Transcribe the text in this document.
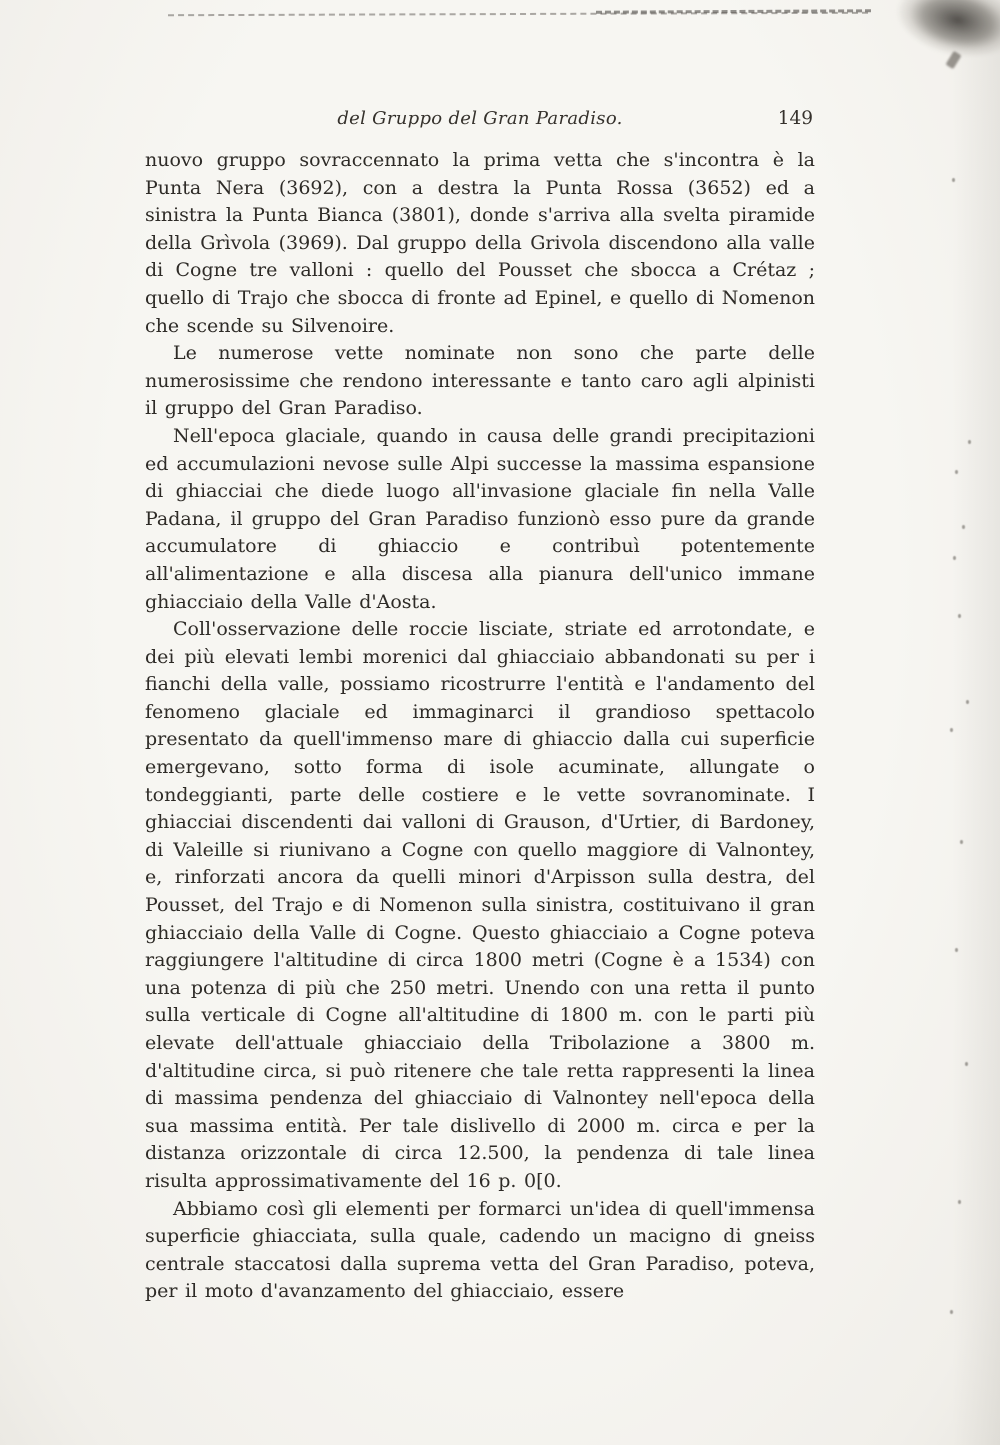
del Gruppo del Gran Paradiso.	149

nuovo gruppo sovraccennato la prima vetta che s'incontra è la Punta Nera (3692), con a destra la Punta Rossa (3652) ed a sinistra la Punta Bianca (3801), donde s'arriva alla svelta piramide della Grìvola (3969). Dal gruppo della Grivola discendono alla valle di Cogne tre valloni : quello del Pousset che sbocca a Crétaz ; quello di Trajo che sbocca di fronte ad Epinel, e quello di Nomenon che scende su Silvenoire.

Le numerose vette nominate non sono che parte delle numerosissime che rendono interessante e tanto caro agli alpinisti il gruppo del Gran Paradiso.

Nell'epoca glaciale, quando in causa delle grandi precipitazioni ed accumulazioni nevose sulle Alpi successe la massima espansione di ghiacciai che diede luogo all'invasione glaciale fin nella Valle Padana, il gruppo del Gran Paradiso funzionò esso pure da grande accumulatore di ghiaccio e contribuì potentemente all'alimentazione e alla discesa alla pianura dell'unico immane ghiacciaio della Valle d'Aosta.

Coll'osservazione delle roccie lisciate, striate ed arrotondate, e dei più elevati lembi morenici dal ghiacciaio abbandonati su per i fianchi della valle, possiamo ricostrurre l'entità e l'andamento del fenomeno glaciale ed immaginarci il grandioso spettacolo presentato da quell'immenso mare di ghiaccio dalla cui superficie emergevano, sotto forma di isole acuminate, allungate o tondeggianti, parte delle costiere e le vette sovranominate. I ghiacciai discendenti dai valloni di Grauson, d'Urtier, di Bardoney, di Valeille si riunivano a Cogne con quello maggiore di Valnontey, e, rinforzati ancora da quelli minori d'Arpisson sulla destra, del Pousset, del Trajo e di Nomenon sulla sinistra, costituivano il gran ghiacciaio della Valle di Cogne. Questo ghiacciaio a Cogne poteva raggiungere l'altitudine di circa 1800 metri (Cogne è a 1534) con una potenza di più che 250 metri. Unendo con una retta il punto sulla verticale di Cogne all'altitudine di 1800 m. con le parti più elevate dell'attuale ghiacciaio della Tribolazione a 3800 m. d'altitudine circa, si può ritenere che tale retta rappresenti la linea di massima pendenza del ghiacciaio di Valnontey nell'epoca della sua massima entità. Per tale dislivello di 2000 m. circa e per la distanza orizzontale di circa 12.500, la pendenza di tale linea risulta approssimativamente del 16 p. 0[0.

Abbiamo così gli elementi per formarci un'idea di quell'immensa superficie ghiacciata, sulla quale, cadendo un macigno di gneiss centrale staccatosi dalla suprema vetta del Gran Paradiso, poteva, per il moto d'avanzamento del ghiacciaio, essere
